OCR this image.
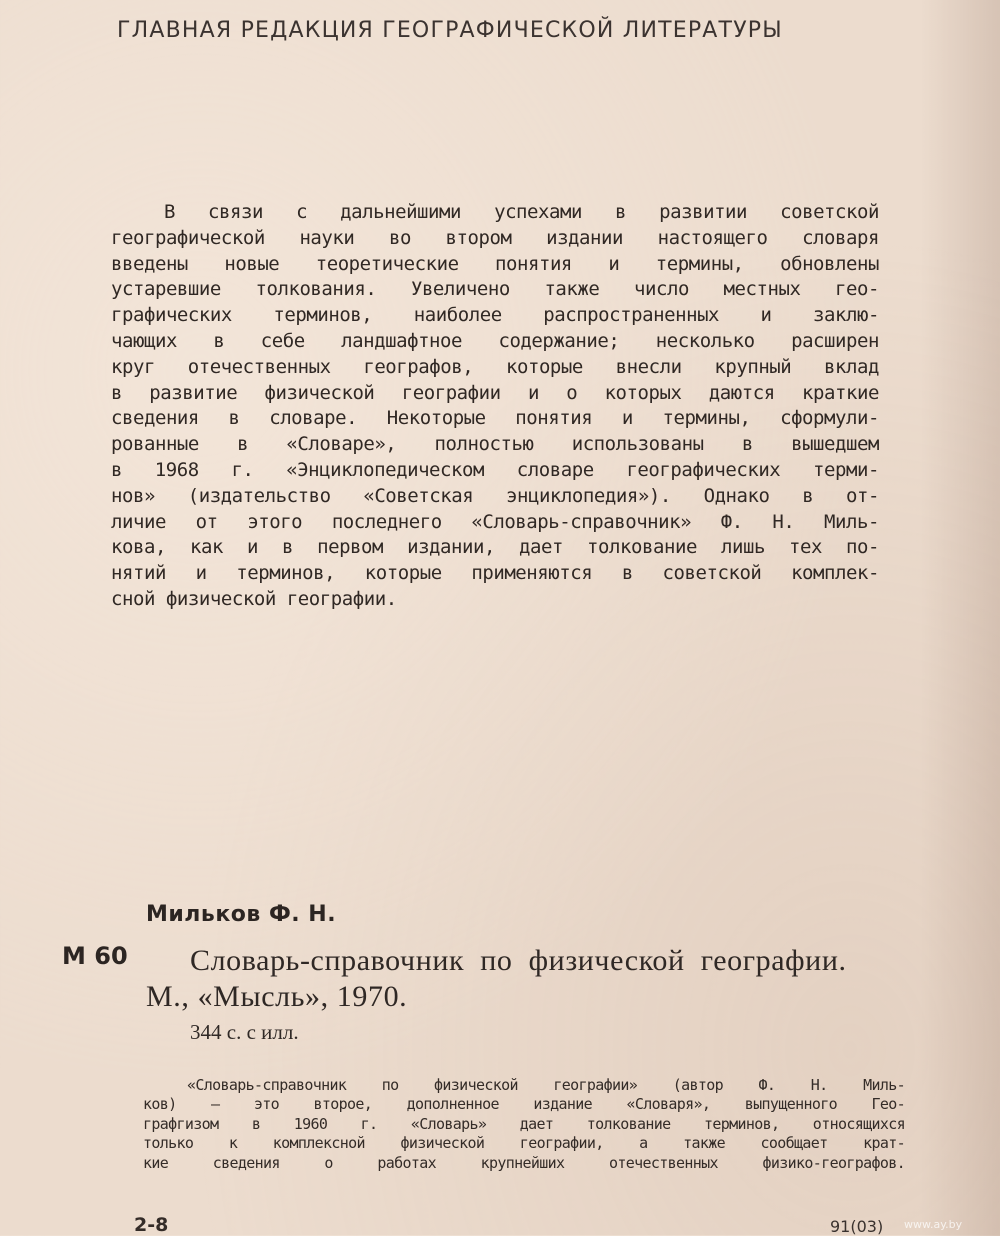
ГЛАВНАЯ РЕДАКЦИЯ ГЕОГРАФИЧЕСКОЙ ЛИТЕРАТУРЫ
В связи с дальнейшими успехами в развитии советской
географической науки во втором издании настоящего словаря
введены новые теоретические понятия и термины, обновлены
устаревшие толкования. Увеличено также число местных гео-
графических терминов, наиболее распространенных и заклю-
чающих в себе ландшафтное содержание; несколько расширен
круг отечественных географов, которые внесли крупный вклад
в развитие физической географии и о которых даются краткие
сведения в словаре. Некоторые понятия и термины, сформули-
рованные в «Словаре», полностью использованы в вышедшем
в 1968 г. «Энциклопедическом словаре географических терми-
нов» (издательство «Советская энциклопедия»). Однако в от-
личие от этого последнего «Словарь-справочник» Ф. Н. Миль-
кова, как и в первом издании, дает толкование лишь тех по-
нятий и терминов, которые применяются в советской комплек-
сной физической географии.
Мильков Ф. Н.
М 60 Словарь-справочник по физической географии.
М., «Мысль», 1970.
344 с. с илл.
«Словарь-справочник по физической географии» (автор Ф. Н. Миль-
ков) — это второе, дополненное издание «Словаря», выпущенного Гео-
графгизом в 1960 г. «Словарь» дает толкование терминов, относящихся
только к комплексной физической географии, а также сообщает крат-
кие сведения о работах крупнейших отечественных физико-географов.
2-8	91(03) www.ay.by
